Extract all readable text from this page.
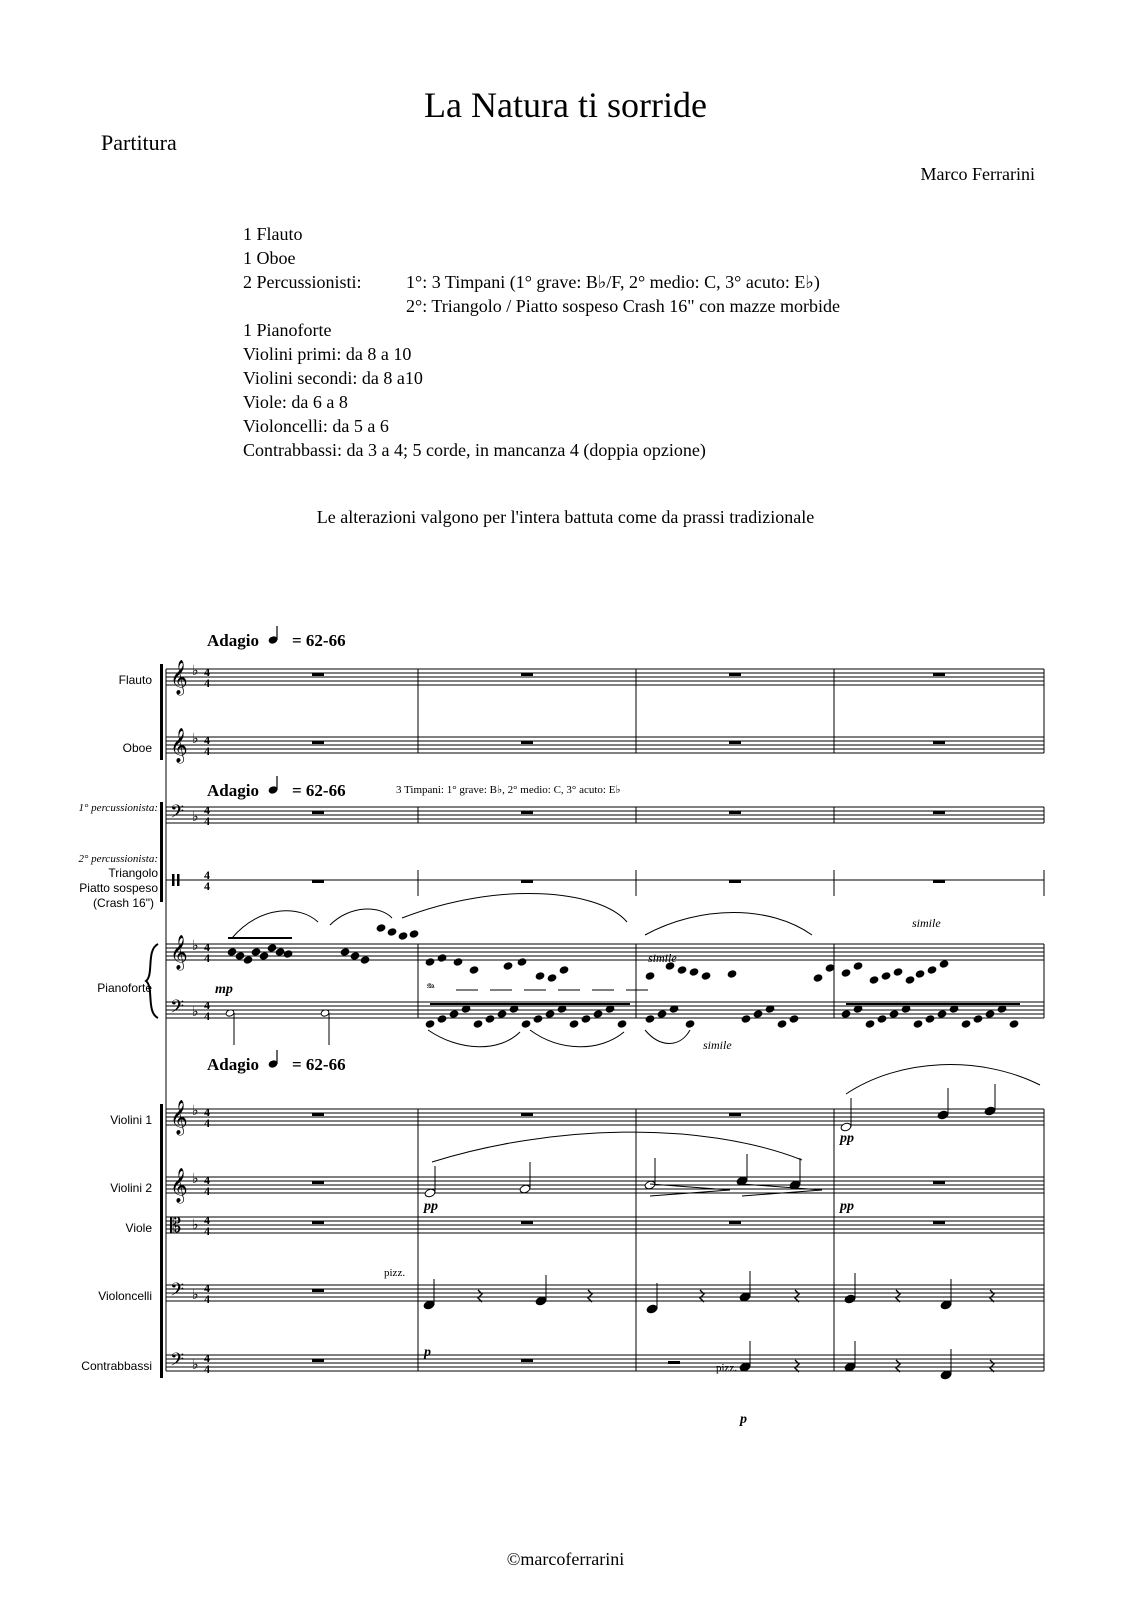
La Natura ti sorride
Partitura
Marco Ferrarini
1 Flauto
1 Oboe
2 Percussionisti: 1°: 3 Timpani (1° grave: B♭/F, 2° medio: C, 3° acuto: E♭)
2°: Triangolo / Piatto sospeso Crash 16" con mazze morbide
1 Pianoforte
Violini primi: da 8 a 10
Violini secondi: da 8 a10
Viole: da 6 a 8
Violoncelli: da 5 a 6
Contrabbassi: da 3 a 4; 5 corde, in mancanza 4 (doppia opzione)
Le alterazioni valgono per l'intera battuta come da prassi tradizionale
𝄞 ♭ 4
4
𝄞 ♭ 4
4
𝄢 ♭ 4
4
4
4
𝄞 ♭ 4
4
𝄢 ♭ 4
4
𝄞 ♭ 4
4
𝄞 ♭ 4
4
𝄡 ♭ 4
4
𝄢 ♭ 4
4
𝄢 ♭ 4
4
Adagio = 62-66
Adagio = 62-66	3 Timpani: 1° grave: B♭, 2° medio: C, 3° acuto: E♭
Adagio = 62-66
Flauto
Oboe
1° percussionista:
2° percussionista:
Triangolo
Piatto sospeso
(Crash 16")
Pianoforte
Violini 1
Violini 2
Viole
Violoncelli
Contrabbassi
mp
simile
simile
simile
𝆮
pp
pp	pp
pizz.
p
pizz.
p
©marcoferrarini
